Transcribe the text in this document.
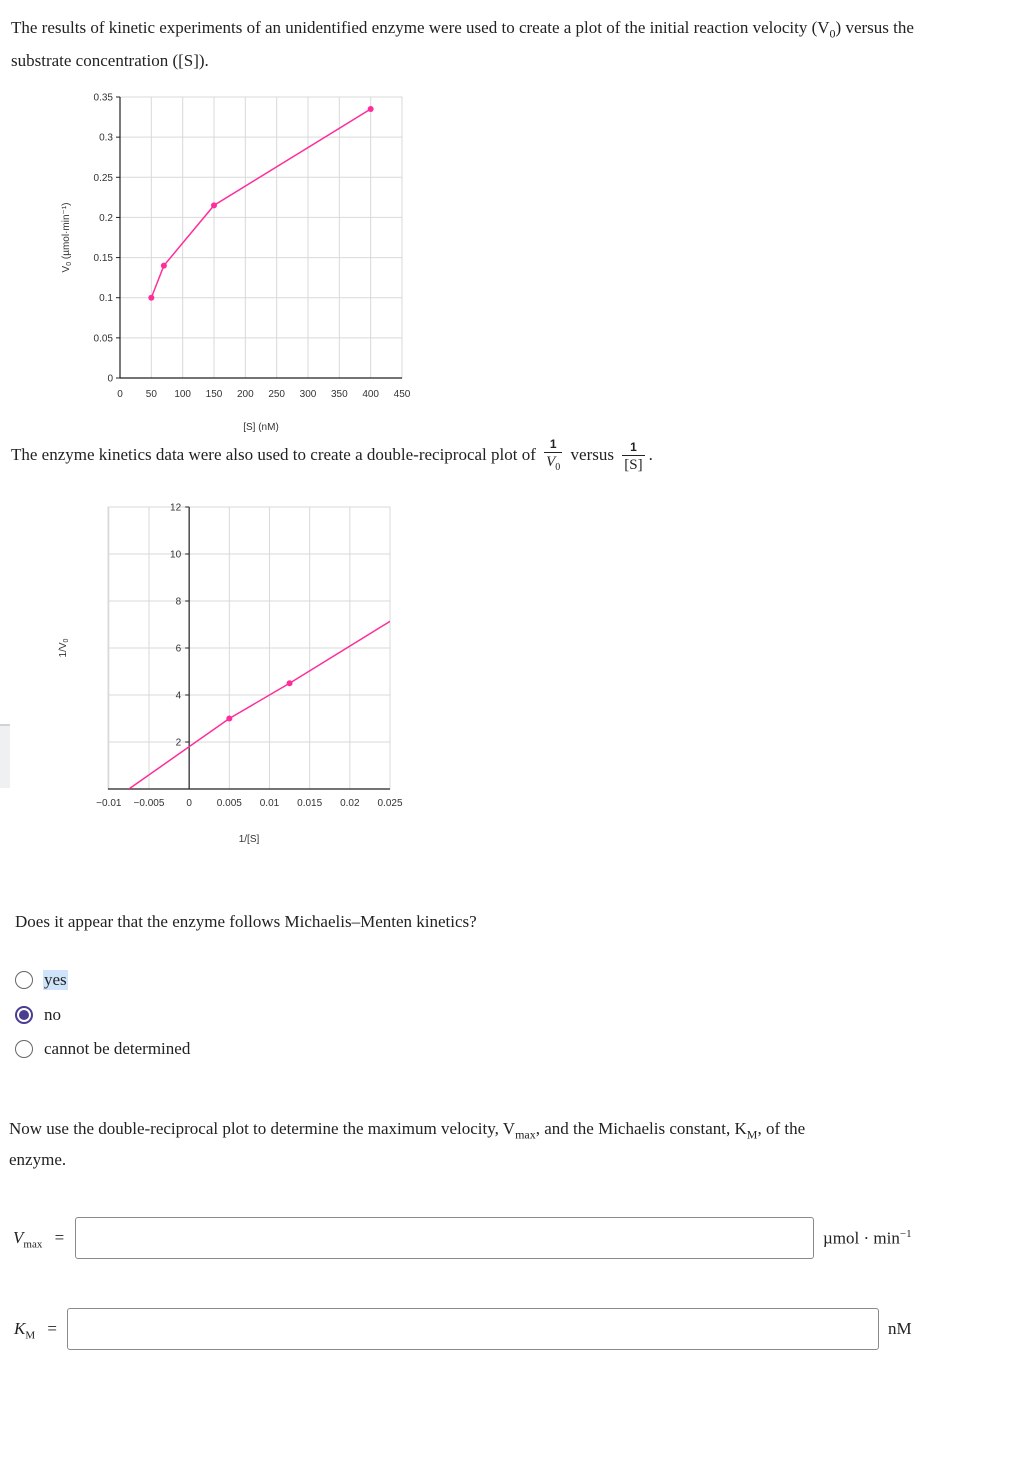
The results of kinetic experiments of an unidentified enzyme were used to create a plot of the initial reaction velocity $(V_0)$ versus the substrate concentration ([S]).
0
0.05
0.1
0.15
0.2
0.25
0.3
0.35
0 50 100 150 200 250 300 350 400 450
[S] (nM)
$V_0$ (µmol·min⁻¹)
The enzyme kinetics data were also used to create a double-reciprocal plot of $\frac{1}{V_0}$ versus $\frac{1}{[S]}$ .
2
4
6
8
10
12
−0.01 −0.005 0 0.005 0.01 0.015 0.02 0.025
1/[S]
$1/V_0$
Does it appear that the enzyme follows Michaelis–Menten kinetics?
yes
no
cannot be determined
Now use the double-reciprocal plot to determine the maximum velocity, $V_{max}$, and the Michaelis constant, $K_M$, of the enzyme.
$V_{max}$ =	$\mu mol \cdot \min^{-1}$
$K_M$ =	nM
